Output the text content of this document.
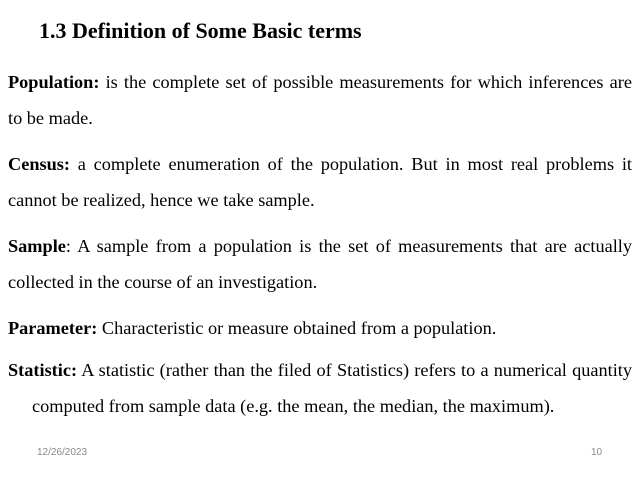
1.3 Definition of Some Basic terms

Population: is the complete set of possible measurements for which inferences are to be made.

Census: a complete enumeration of the population. But in most real problems it cannot be realized, hence we take sample.

Sample: A sample from a population is the set of measurements that are actually collected in the course of an investigation.

Parameter: Characteristic or measure obtained from a population.

Statistic: A statistic (rather than the filed of Statistics) refers to a numerical quantity computed from sample data (e.g. the mean, the median, the maximum).

12/26/2023	10
